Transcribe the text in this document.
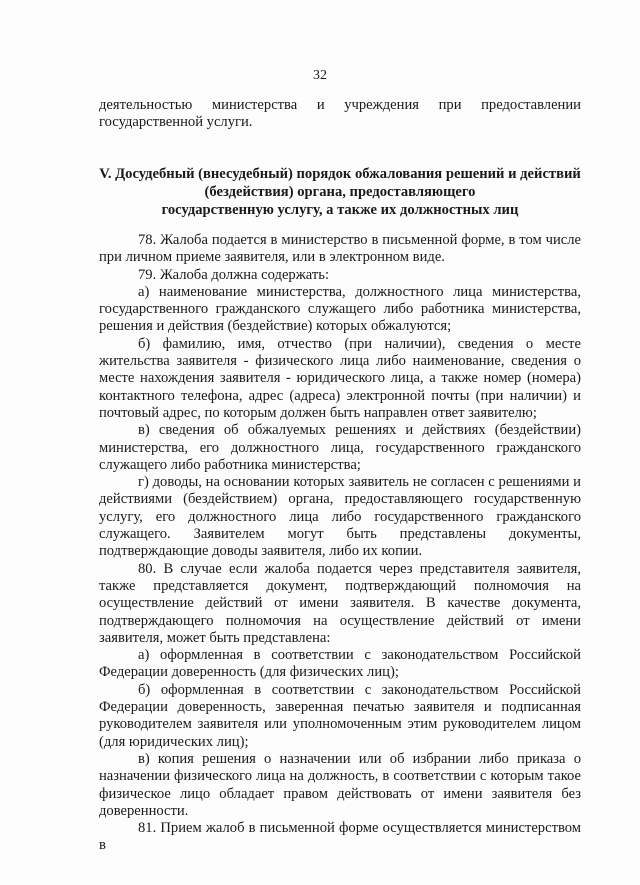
32

деятельностью министерства и учреждения при предоставлении государственной услуги.

V. Досудебный (внесудебный) порядок обжалования решений и действий
(бездействия) органа, предоставляющего
государственную услугу, а также их должностных лиц

78. Жалоба подается в министерство в письменной форме, в том числе при личном приеме заявителя, или в электронном виде.

79. Жалоба должна содержать:

а) наименование министерства, должностного лица министерства, государственного гражданского служащего либо работника министерства, решения и действия (бездействие) которых обжалуются;

б) фамилию, имя, отчество (при наличии), сведения о месте жительства заявителя - физического лица либо наименование, сведения о месте нахождения заявителя - юридического лица, а также номер (номера) контактного телефона, адрес (адреса) электронной почты (при наличии) и почтовый адрес, по которым должен быть направлен ответ заявителю;

в) сведения об обжалуемых решениях и действиях (бездействии) министерства, его должностного лица, государственного гражданского служащего либо работника министерства;

г) доводы, на основании которых заявитель не согласен с решениями и действиями (бездействием) органа, предоставляющего государственную услугу, его должностного лица либо государственного гражданского служащего. Заявителем могут быть представлены документы, подтверждающие доводы заявителя, либо их копии.

80. В случае если жалоба подается через представителя заявителя, также представляется документ, подтверждающий полномочия на осуществление действий от имени заявителя. В качестве документа, подтверждающего полномочия на осуществление действий от имени заявителя, может быть представлена:

а) оформленная в соответствии с законодательством Российской Федерации доверенность (для физических лиц);

б) оформленная в соответствии с законодательством Российской Федерации доверенность, заверенная печатью заявителя и подписанная руководителем заявителя или уполномоченным этим руководителем лицом (для юридических лиц);

в) копия решения о назначении или об избрании либо приказа о назначении физического лица на должность, в соответствии с которым такое физическое лицо обладает правом действовать от имени заявителя без доверенности.

81. Прием жалоб в письменной форме осуществляется министерством в
